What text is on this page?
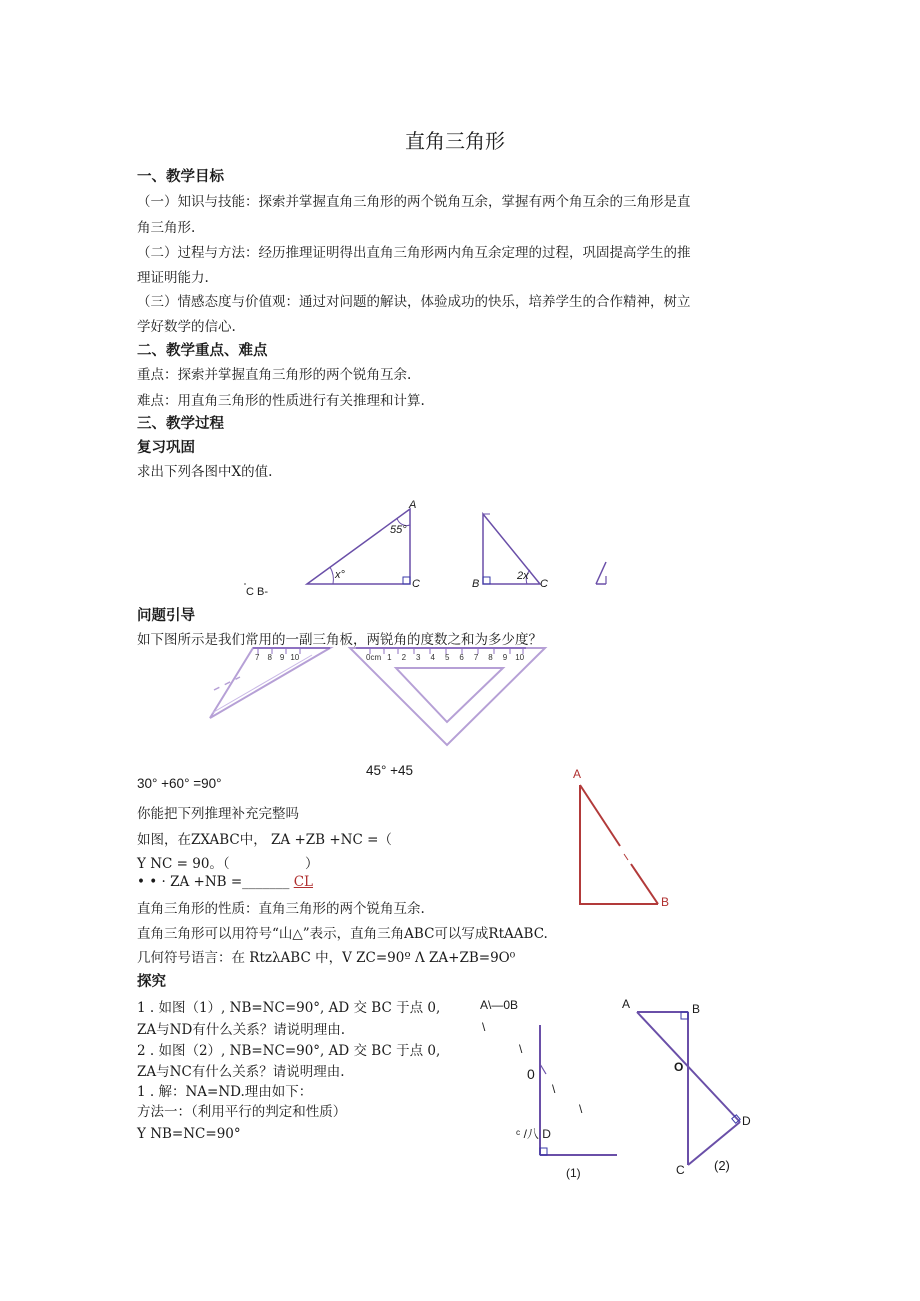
直角三角形
一、教学目标
（一）知识与技能：探索并掌握直角三角形的两个锐角互余，掌握有两个角互余的三角形是直
角三角形.
（二）过程与方法：经历推理证明得出直角三角形两内角互余定理的过程，巩固提高学生的推
理证明能力.
（三）情感态度与价值观：通过对问题的解诀，体验成功的快乐，培养学生的合作精神，树立
学好数学的信心.
二、教学重点、难点
重点：探索并掌握直角三角形的两个锐角互余.
难点：用直角三角形的性质进行有关推理和计算.
三、教学过程
复习巩固
求出下列各图中X的值.
A
55°
x°
C	B
2x
C
C B-
问题引导
7 8 9 10	0cm 1 2 3 4 5 6 7 8 9 10
如下图所示是我们常用的一副三角板，两锐角的度数之和为多少度？
30° +60° =90°
45° +45	A
B
你能把下列推理补充完整吗
如图，在ZXABC中， ZA +ZB +NC =（
Y NC = 90。（	）
• • · ZA +NB =_______ CL
直角三角形的性质：直角三角形的两个锐角互余.
直角三角形可以用符号“山△”表示，直角三角ABC可以写成RtAABC.
几何符号语言：在 RtzλABC 中，V ZC=90º Λ ZA+ZB=9O⁰
探究
1 . 如图（1）, NB=NC=90°, AD 交 BC 于点 0,
ZA与ND有什么关系？请说明理由.
2 . 如图（2）, NB=NC=90°, AD 交 BC 于点 0,
ZA与NC有什么关系？请说明理由.
1 . 解：NA=ND.理由如下：
方法一：（利用平行的判定和性质）
Y NB=NC=90°
A\—0B
\
\
0
\
\
ᶜ /八 D
(1)
A	B
O
D
C (2)
